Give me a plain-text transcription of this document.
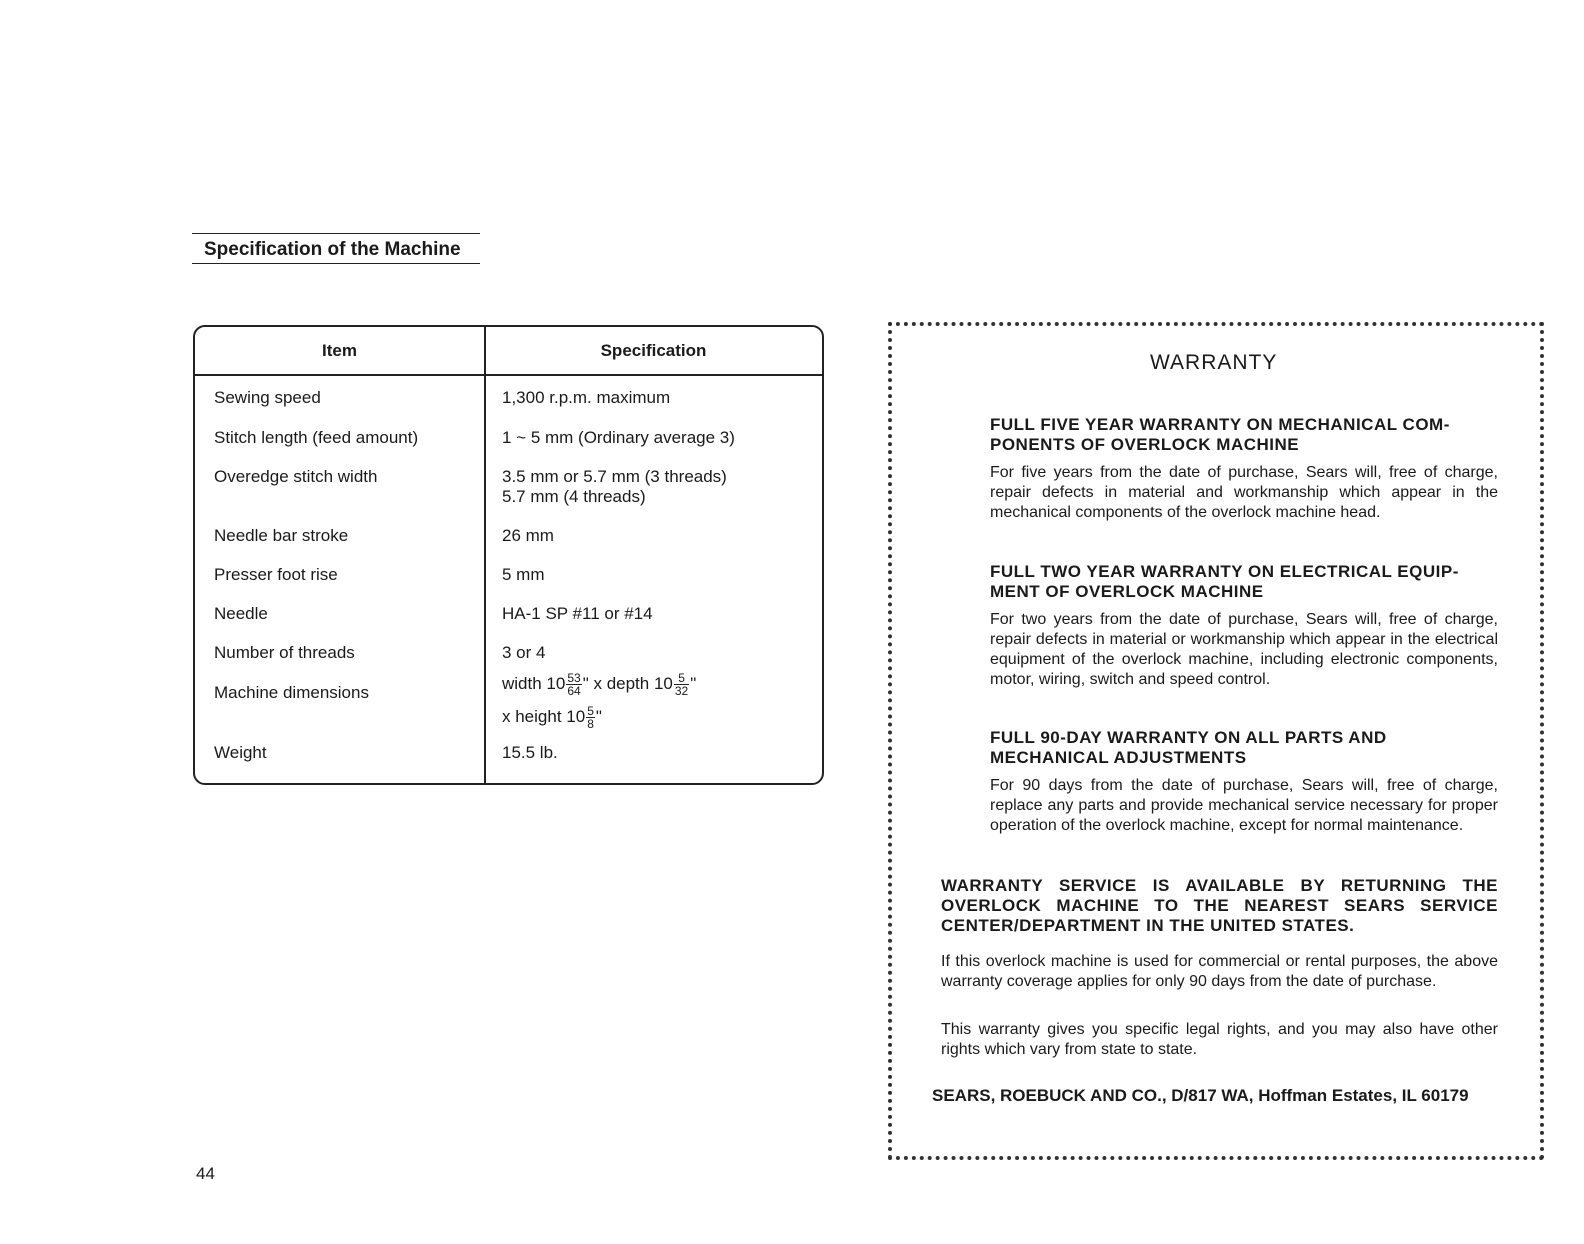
Specification of the Machine
Item	Specification
Sewing speed	1,300 r.p.m. maximum
Stitch length (feed amount)	1 ~ 5 mm (Ordinary average 3)
Overedge stitch width	3.5 mm or 5.7 mm (3 threads)
5.7 mm (4 threads)
Needle bar stroke	26 mm
Presser foot rise	5 mm
Needle	HA-1 SP #11 or #14
Number of threads	3 or 4
Machine dimensions	width $10 \frac{53}{64}$ " x depth $10 \frac{5}{32}$ "
x height $10 \frac{5}{8}$ "
Weight	15.5 lb.
44
WARRANTY
FULL FIVE YEAR WARRANTY ON MECHANICAL COM-
PONENTS OF OVERLOCK MACHINE
For five years from the date of purchase, Sears will, free of charge, repair defects in material and workmanship which appear in the mechanical components of the overlock machine head.
FULL TWO YEAR WARRANTY ON ELECTRICAL EQUIP-
MENT OF OVERLOCK MACHINE
For two years from the date of purchase, Sears will, free of charge, repair defects in material or workmanship which appear in the electrical equipment of the overlock machine, including electronic components, motor, wiring, switch and speed control.
FULL 90-DAY WARRANTY ON ALL PARTS AND
MECHANICAL ADJUSTMENTS
For 90 days from the date of purchase, Sears will, free of charge, replace any parts and provide mechanical service necessary for proper operation of the overlock machine, except for normal maintenance.
WARRANTY SERVICE IS AVAILABLE BY RETURNING THE OVERLOCK MACHINE TO THE NEAREST SEARS SERVICE CENTER/DEPARTMENT IN THE UNITED STATES.
If this overlock machine is used for commercial or rental purposes, the above warranty coverage applies for only 90 days from the date of purchase.
This warranty gives you specific legal rights, and you may also have other rights which vary from state to state.
SEARS, ROEBUCK AND CO., D/817 WA, Hoffman Estates, IL 60179
